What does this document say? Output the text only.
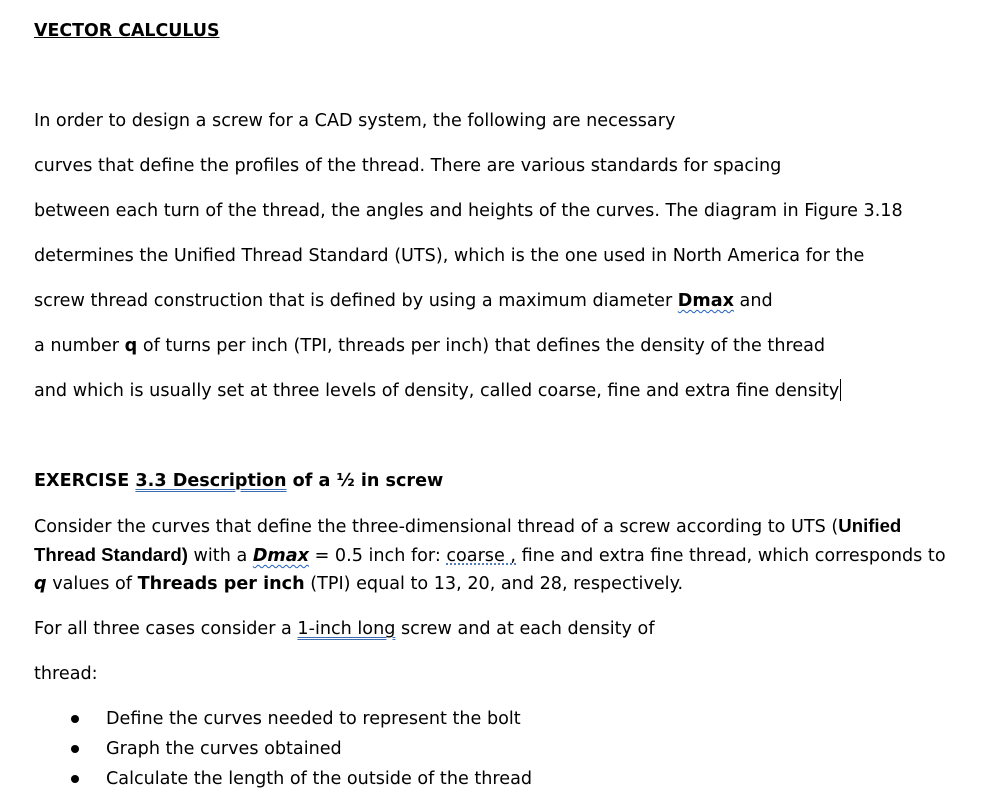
VECTOR CALCULUS
In order to design a screw for a CAD system, the following are necessary
curves that define the profiles of the thread. There are various standards for spacing
between each turn of the thread, the angles and heights of the curves. The diagram in Figure 3.18
determines the Unified Thread Standard (UTS), which is the one used in North America for the
screw thread construction that is defined by using a maximum diameter Dmax and
a number q of turns per inch (TPI, threads per inch) that defines the density of the thread
and which is usually set at three levels of density, called coarse, fine and extra fine density
EXERCISE 3.3 Description of a ½ in screw
Consider the curves that define the three-dimensional thread of a screw according to UTS (Unified
Thread Standard) with a Dmax = 0.5 inch for: coarse , fine and extra fine thread, which corresponds to
q values of Threads per inch (TPI) equal to 13, 20, and 28, respectively.
For all three cases consider a 1-inch long screw and at each density of
thread:
Define the curves needed to represent the bolt
Graph the curves obtained
Calculate the length of the outside of the thread
